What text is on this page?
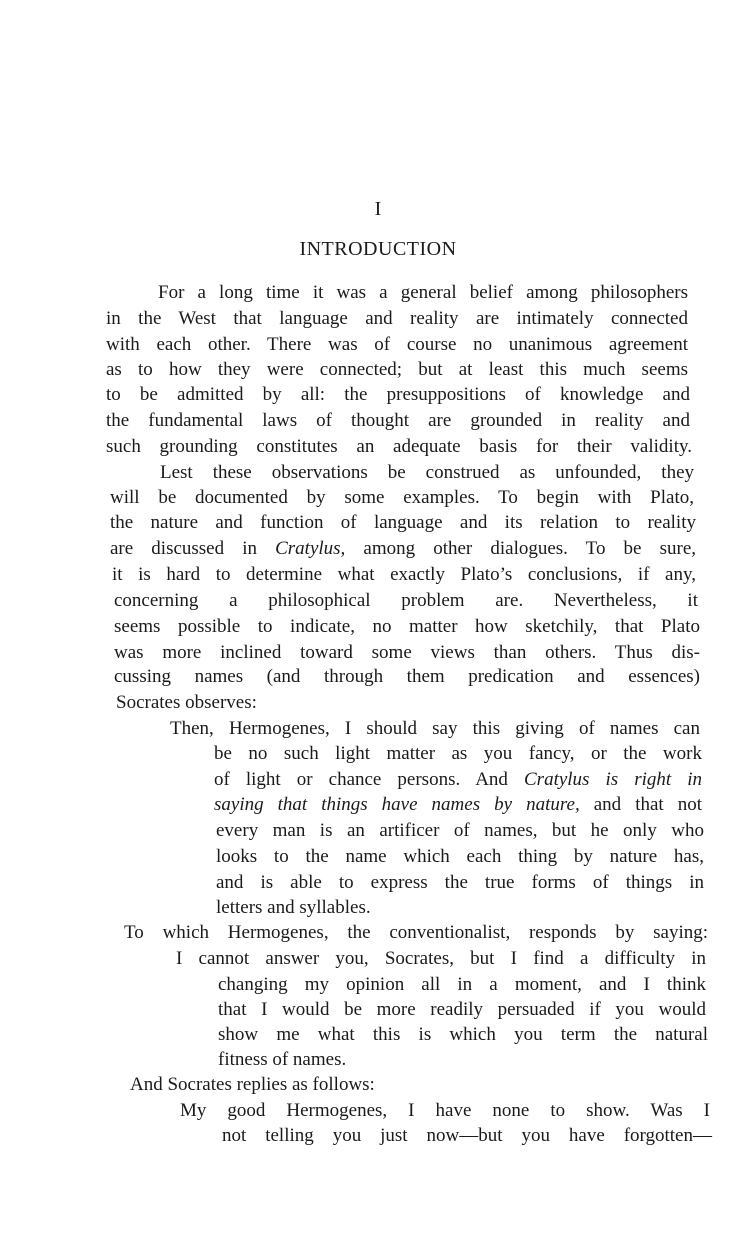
I
INTRODUCTION
For a long time it was a general belief among philosophers
in the West that language and reality are intimately connected
with each other. There was of course no unanimous agreement
as to how they were connected; but at least this much seems
to be admitted by all: the presuppositions of knowledge and
the fundamental laws of thought are grounded in reality and
such grounding constitutes an adequate basis for their validity.
Lest these observations be construed as unfounded, they
will be documented by some examples. To begin with Plato,
the nature and function of language and its relation to reality
are discussed in Cratylus, among other dialogues. To be sure,
it is hard to determine what exactly Plato’s conclusions, if any,
concerning a philosophical problem are. Nevertheless, it
seems possible to indicate, no matter how sketchily, that Plato
was more inclined toward some views than others. Thus dis-
cussing names (and through them predication and essences)
Socrates observes:
Then, Hermogenes, I should say this giving of names can
be no such light matter as you fancy, or the work
of light or chance persons. And Cratylus is right in
saying that things have names by nature, and that not
every man is an artificer of names, but he only who
looks to the name which each thing by nature has,
and is able to express the true forms of things in
letters and syllables.
To which Hermogenes, the conventionalist, responds by saying:
I cannot answer you, Socrates, but I find a difficulty in
changing my opinion all in a moment, and I think
that I would be more readily persuaded if you would
show me what this is which you term the natural
fitness of names.
And Socrates replies as follows:
My good Hermogenes, I have none to show. Was I
not telling you just now—but you have forgotten—
